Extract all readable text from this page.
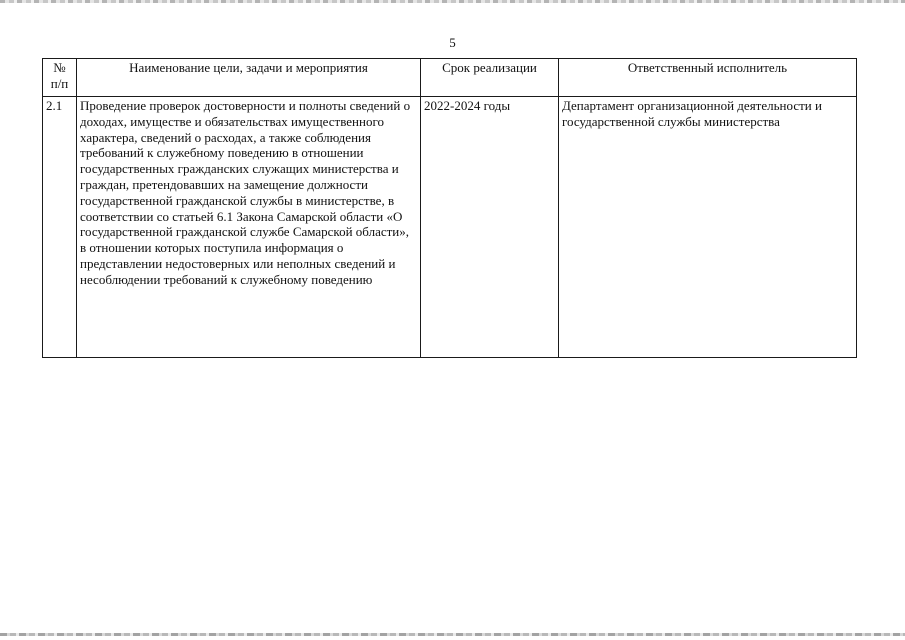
5
№
п/п	Наименование цели, задачи и мероприятия	Срок реализации	Ответственный исполнитель
2.1	Проведение проверок достоверности и полноты сведений о доходах, имуществе и обязательствах имущественного характера, сведений о расходах, а также соблюдения требований к служебному поведению в отношении государственных гражданских служащих министерства и граждан, претендовавших на замещение должности государственной гражданской службы в министерстве, в соответствии со статьей 6.1 Закона Самарской области «О государственной гражданской службе Самарской области», в отношении которых поступила информация о представлении недостоверных или неполных сведений и несоблюдении требований к служебному поведению	2022-2024 годы	Департамент организационной деятельности и государственной службы министерства
